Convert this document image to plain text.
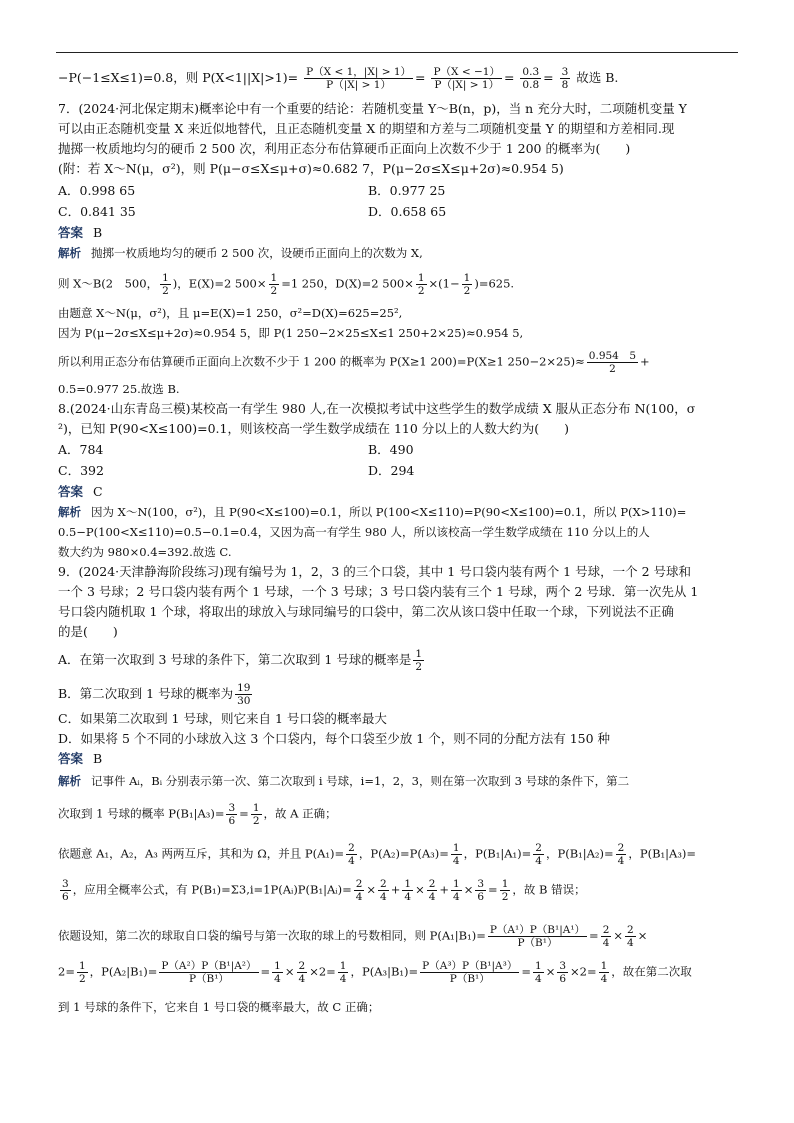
−P(−1≤X≤1)=0.8，则 $P(X<1||X|>1)= \frac{P(X < 1,|X| > 1)}{P(|X| > 1)} = \frac{P(X < -1)}{P(|X| > 1)} = \frac{0.3}{0.8} = \frac{3}{8}$ 故选 B.
7．(2024·河北保定期末)概率论中有一个重要的结论：若随机变量 Y～B(n，p)，当 n 充分大时，二项随机变量 Y
可以由正态随机变量 X 来近似地替代，且正态随机变量 X 的期望和方差与二项随机变量 Y 的期望和方差相同.现
抛掷一枚质地均匀的硬币 2 500 次，利用正态分布估算硬币正面向上次数不少于 1 200 的概率为(　　)
(附：若 X～N(μ，σ²)，则 P(μ−σ≤X≤μ+σ)≈0.682 7，P(μ−2σ≤X≤μ+2σ)≈0.954 5)
A．0.998 65	B．0.977 25
C．0.841 35	D．0.658 65
答案 B
解析 抛掷一枚质地均匀的硬币 2 500 次，设硬币正面向上的次数为 X,
则 X～B(2　500， $\frac{1}{2}$ )，E(X)=2 $500\times \frac{1}{2} =1$ 250，D(X)=2 $500\times \frac{1}{2} \times(1- \frac{1}{2} )=625$.
由题意 X～N(μ，σ²)，且 μ=E(X)=1 250，σ²=D(X)=625=25²,
因为 P(μ−2σ≤X≤μ+2σ)≈0.954 5，即 P(1 250−2×25≤X≤1 250+2×25)≈0.954 5,
所以利用正态分布估算硬币正面向上次数不少于 1 200 的概率为 P(X≥1 200)=P(X≥1 $250-2\times 25)\approx \frac{0.954 5}{2}$ +
0.5=0.977 25.故选 B.
8.(2024·山东青岛三模)某校高一有学生 980 人,在一次模拟考试中这些学生的数学成绩 X 服从正态分布 N(100，σ
²)，已知 P(90<X≤100)=0.1，则该校高一学生数学成绩在 110 分以上的人数大约为(　　)
A．784	B．490
C．392	D．294
答案 C
解析 因为 X～N(100，σ²)，且 P(90<X≤100)=0.1，所以 P(100<X≤110)=P(90<X≤100)=0.1，所以 P(X>110)=
0.5−P(100<X≤110)=0.5−0.1=0.4，又因为高一有学生 980 人，所以该校高一学生数学成绩在 110 分以上的人
数大约为 980×0.4=392.故选 C.
9．(2024·天津静海阶段练习)现有编号为 1，2，3 的三个口袋，其中 1 号口袋内装有两个 1 号球，一个 2 号球和
一个 3 号球；2 号口袋内装有两个 1 号球，一个 3 号球；3 号口袋内装有三个 1 号球，两个 2 号球．第一次先从 1
号口袋内随机取 1 个球，将取出的球放入与球同编号的口袋中，第二次从该口袋中任取一个球，下列说法不正确
的是(　　)
A．在第一次取到 3 号球的条件下，第二次取到 1 号球的概率是 $\frac{1}{2}$
B．第二次取到 1 号球的概率为 $\frac{19}{30}$
C．如果第二次取到 1 号球，则它来自 1 号口袋的概率最大
D．如果将 5 个不同的小球放入这 3 个口袋内，每个口袋至少放 1 个，则不同的分配方法有 150 种
答案 B
解析 记事件 Aᵢ，Bᵢ 分别表示第一次、第二次取到 i 号球，i=1，2，3，则在第一次取到 3 号球的条件下，第二
次取到 1 号球的概率 $P(B_1|A_3)= \frac{3}{6} = \frac{1}{2}$ ，故 A 正确；
依题意 A₁，A₂，A₃ 两两互斥，其和为 Ω，并且 $P(A_1)= \frac{2}{4}$ ，$P(A_2)=P(A_3)= \frac{1}{4}$ ，$P(B_1|A_1)= \frac{2}{4}$ ，$P(B_1|A_2)= \frac{2}{4}$ ，P(B₁|A₃)=
$\frac{3}{6}$ ，应用全概率公式，有 P(B₁)=Σ3,i=1P(Aᵢ)P(B₁|Aᵢ)= $\frac{2}{4} \times \frac{2}{4} + \frac{1}{4} \times \frac{2}{4} + \frac{1}{4} \times \frac{3}{6} = \frac{1}{2}$ ，故 B 错误；
依题设知，第二次的球取自口袋的编号与第一次取的球上的号数相同，则 $P(A_1|B_1)= \frac{\text{P（A¹）P（B¹|A¹）}}{\text{P（B¹）}} = \frac{2}{4} \times \frac{2}{4}$ ×
$2= \frac{1}{2}$ ，$P(A_2|B_1)= \frac{\text{P（A²）P（B¹|A²）}}{\text{P（B¹）}} = \frac{1}{4} \times \frac{2}{4} \times 2= \frac{1}{4}$ ，$P(A_3|B_1)= \frac{\text{P（A³）P（B¹|A³）}}{\text{P（B¹）}} = \frac{1}{4} \times \frac{3}{6} \times 2= \frac{1}{4}$ ，故在第二次取
到 1 号球的条件下，它来自 1 号口袋的概率最大，故 C 正确；
